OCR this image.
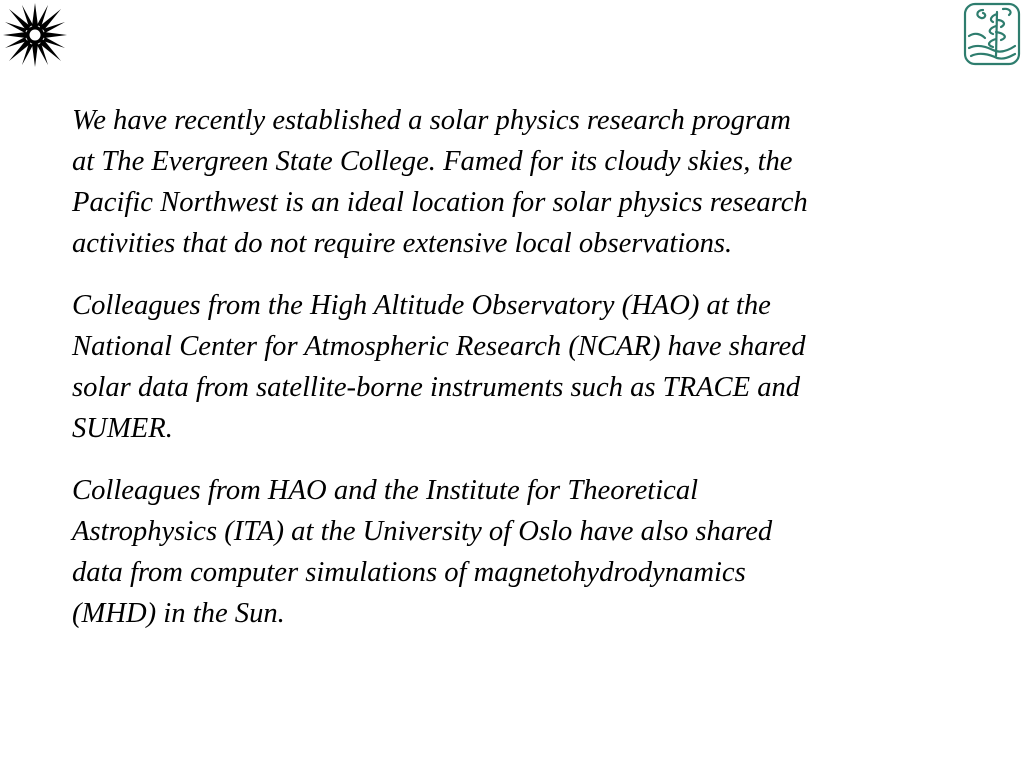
We have recently established a solar physics research program
at The Evergreen State College. Famed for its cloudy skies, the
Pacific Northwest is an ideal location for solar physics research
activities that do not require extensive local observations.

Colleagues from the High Altitude Observatory (HAO) at the
National Center for Atmospheric Research (NCAR) have shared
solar data from satellite-borne instruments such as TRACE and
SUMER.

Colleagues from HAO and the Institute for Theoretical
Astrophysics (ITA) at the University of Oslo have also shared
data from computer simulations of magnetohydrodynamics
(MHD) in the Sun.
